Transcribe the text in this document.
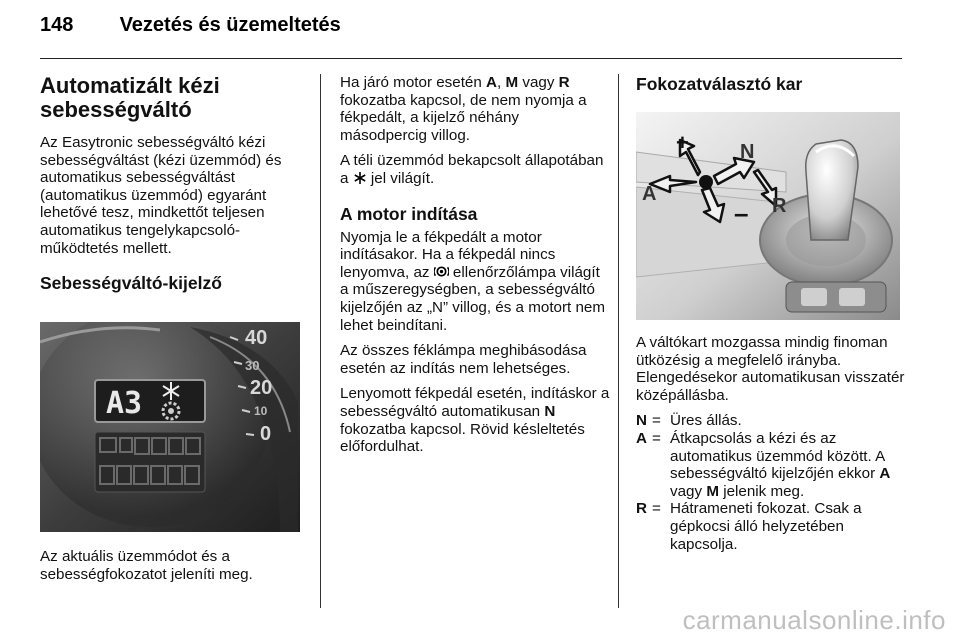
148 Vezetés és üzemeltetés
Automatizált kézi sebességváltó

Az Easytronic sebességváltó kézi sebességváltást (kézi üzemmód) és automatikus sebességváltást (automatikus üzemmód) egyaránt lehetővé tesz, mindkettőt teljesen automatikus tengelykapcsoló-működtetés mellett.

Sebességváltó-kijelző
40
30
20
10
0
A3

Az aktuális üzemmódot és a sebességfokozatot jeleníti meg.

Ha járó motor esetén A, M vagy R fokozatba kapcsol, de nem nyomja a fékpedált, a kijelző néhány másodpercig villog.

A téli üzemmód bekapcsolt állapotában a  jel világít.

A motor indítása

Nyomja le a fékpedált a motor indításakor. Ha a fékpedál nincs lenyomva, az  ellenőrzőlámpa világít a műszeregységben, a sebességváltó kijelzőjén az „N” villog, és a motort nem lehet beindítani.

Az összes féklámpa meghibásodása esetén az indítás nem lehetséges.

Lenyomott fékpedál esetén, indításkor a sebességváltó automatikusan N fokozatba kapcsol. Rövid késleltetés előfordulhat.

Fokozatválasztó kar
+
A
N
R
–

A váltókart mozgassa mindig finoman ütközésig a megfelelő irányba. Elengedésekor automatikusan visszatér középállásba.

N = Üres állás.
A = Átkapcsolás a kézi és az automatikus üzemmód között. A sebességváltó kijelzőjén ekkor A vagy M jelenik meg.
R = Hátrameneti fokozat. Csak a gépkocsi álló helyzetében kapcsolja.
carmanualsonline.info
